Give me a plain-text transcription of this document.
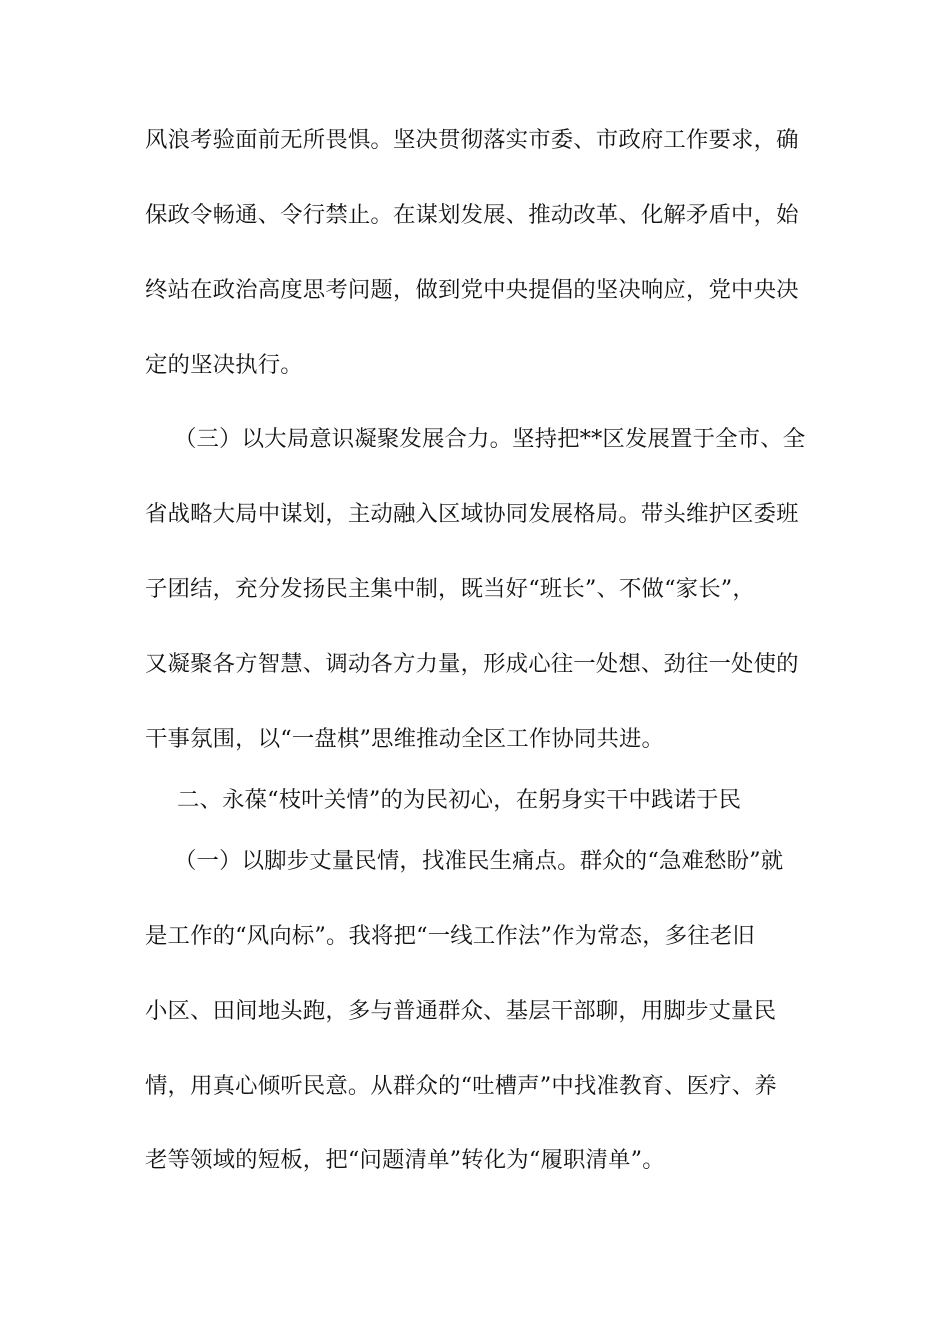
风浪考验面前无所畏惧。坚决贯彻落实市委、市政府工作要求，确
保政令畅通、令行禁止。在谋划发展、推动改革、化解矛盾中，始
终站在政治高度思考问题，做到党中央提倡的坚决响应，党中央决
定的坚决执行。
（三）以大局意识凝聚发展合力。坚持把**区发展置于全市、全
省战略大局中谋划，主动融入区域协同发展格局。带头维护区委班
子团结，充分发扬民主集中制，既当好“班长”、不做“家长”，
又凝聚各方智慧、调动各方力量，形成心往一处想、劲往一处使的
干事氛围，以“一盘棋”思维推动全区工作协同共进。
二、永葆“枝叶关情”的为民初心，在躬身实干中践诺于民
（一）以脚步丈量民情，找准民生痛点。群众的“急难愁盼”就
是工作的“风向标”。我将把“一线工作法”作为常态，多往老旧
小区、田间地头跑，多与普通群众、基层干部聊，用脚步丈量民
情，用真心倾听民意。从群众的“吐槽声”中找准教育、医疗、养
老等领域的短板，把“问题清单”转化为“履职清单”。
